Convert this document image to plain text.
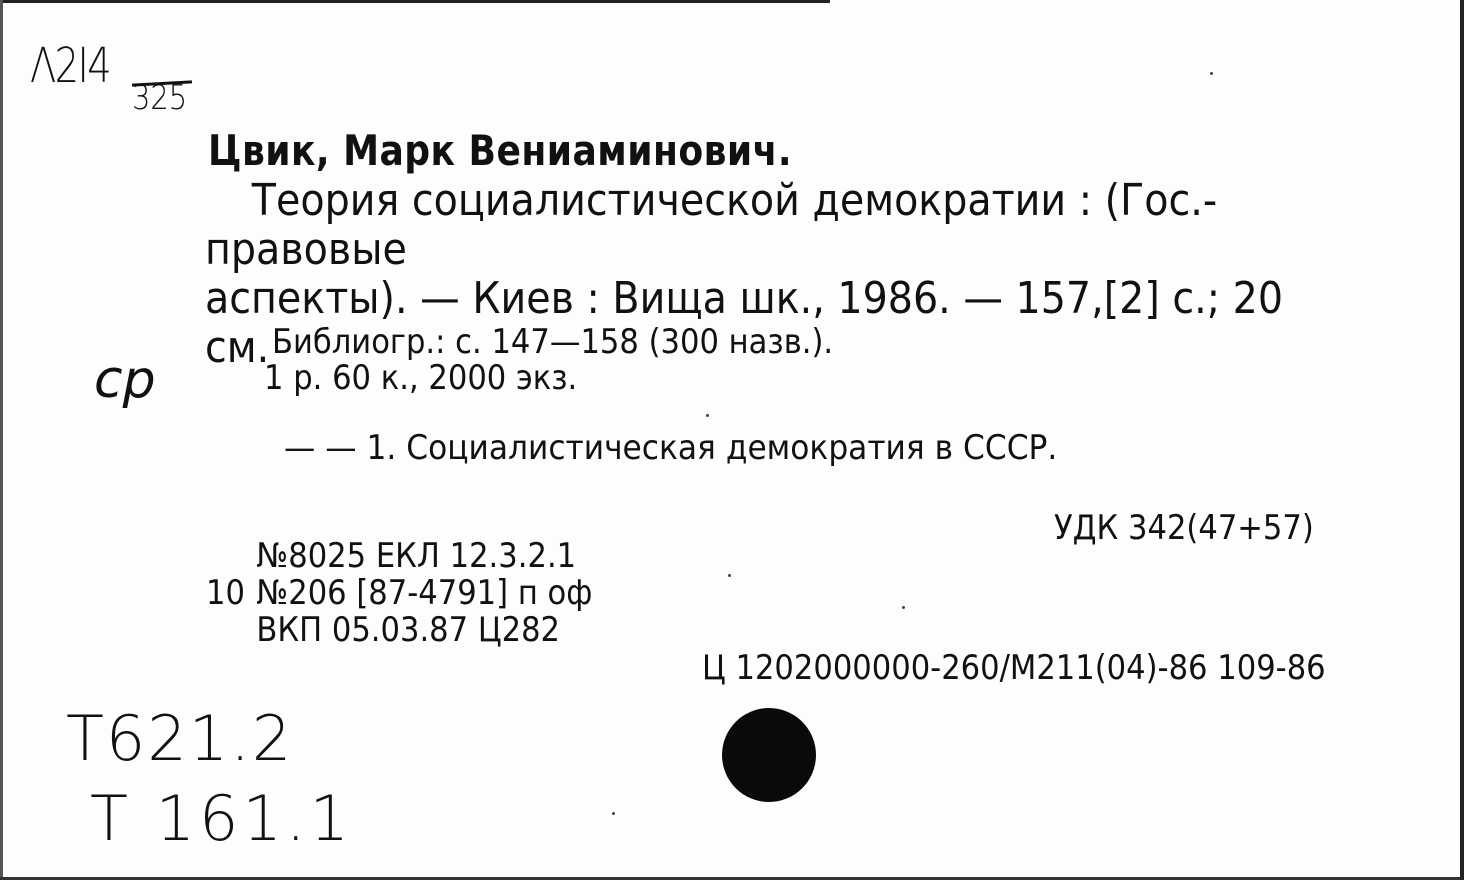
Λ2I4
325
ср
Т621.2
Т 161.1
Цвик, Марк Вениаминович.
Теория социалистической демократии : (Гос.-правовые
аспекты). — Киев : Вища шк., 1986. — 157,[2] с.; 20
см. Библиогр.: с. 147—158 (300 назв.).
1 р. 60 к., 2000 экз.
— — 1. Социалистическая демократия в СССР.
УДК 342(47+57)
№8025 ЕКЛ 12.3.2.1
10 №206 [87-4791] п оф
ВКП 05.03.87 Ц282
Ц 1202000000-260/М211(04)-86 109-86
